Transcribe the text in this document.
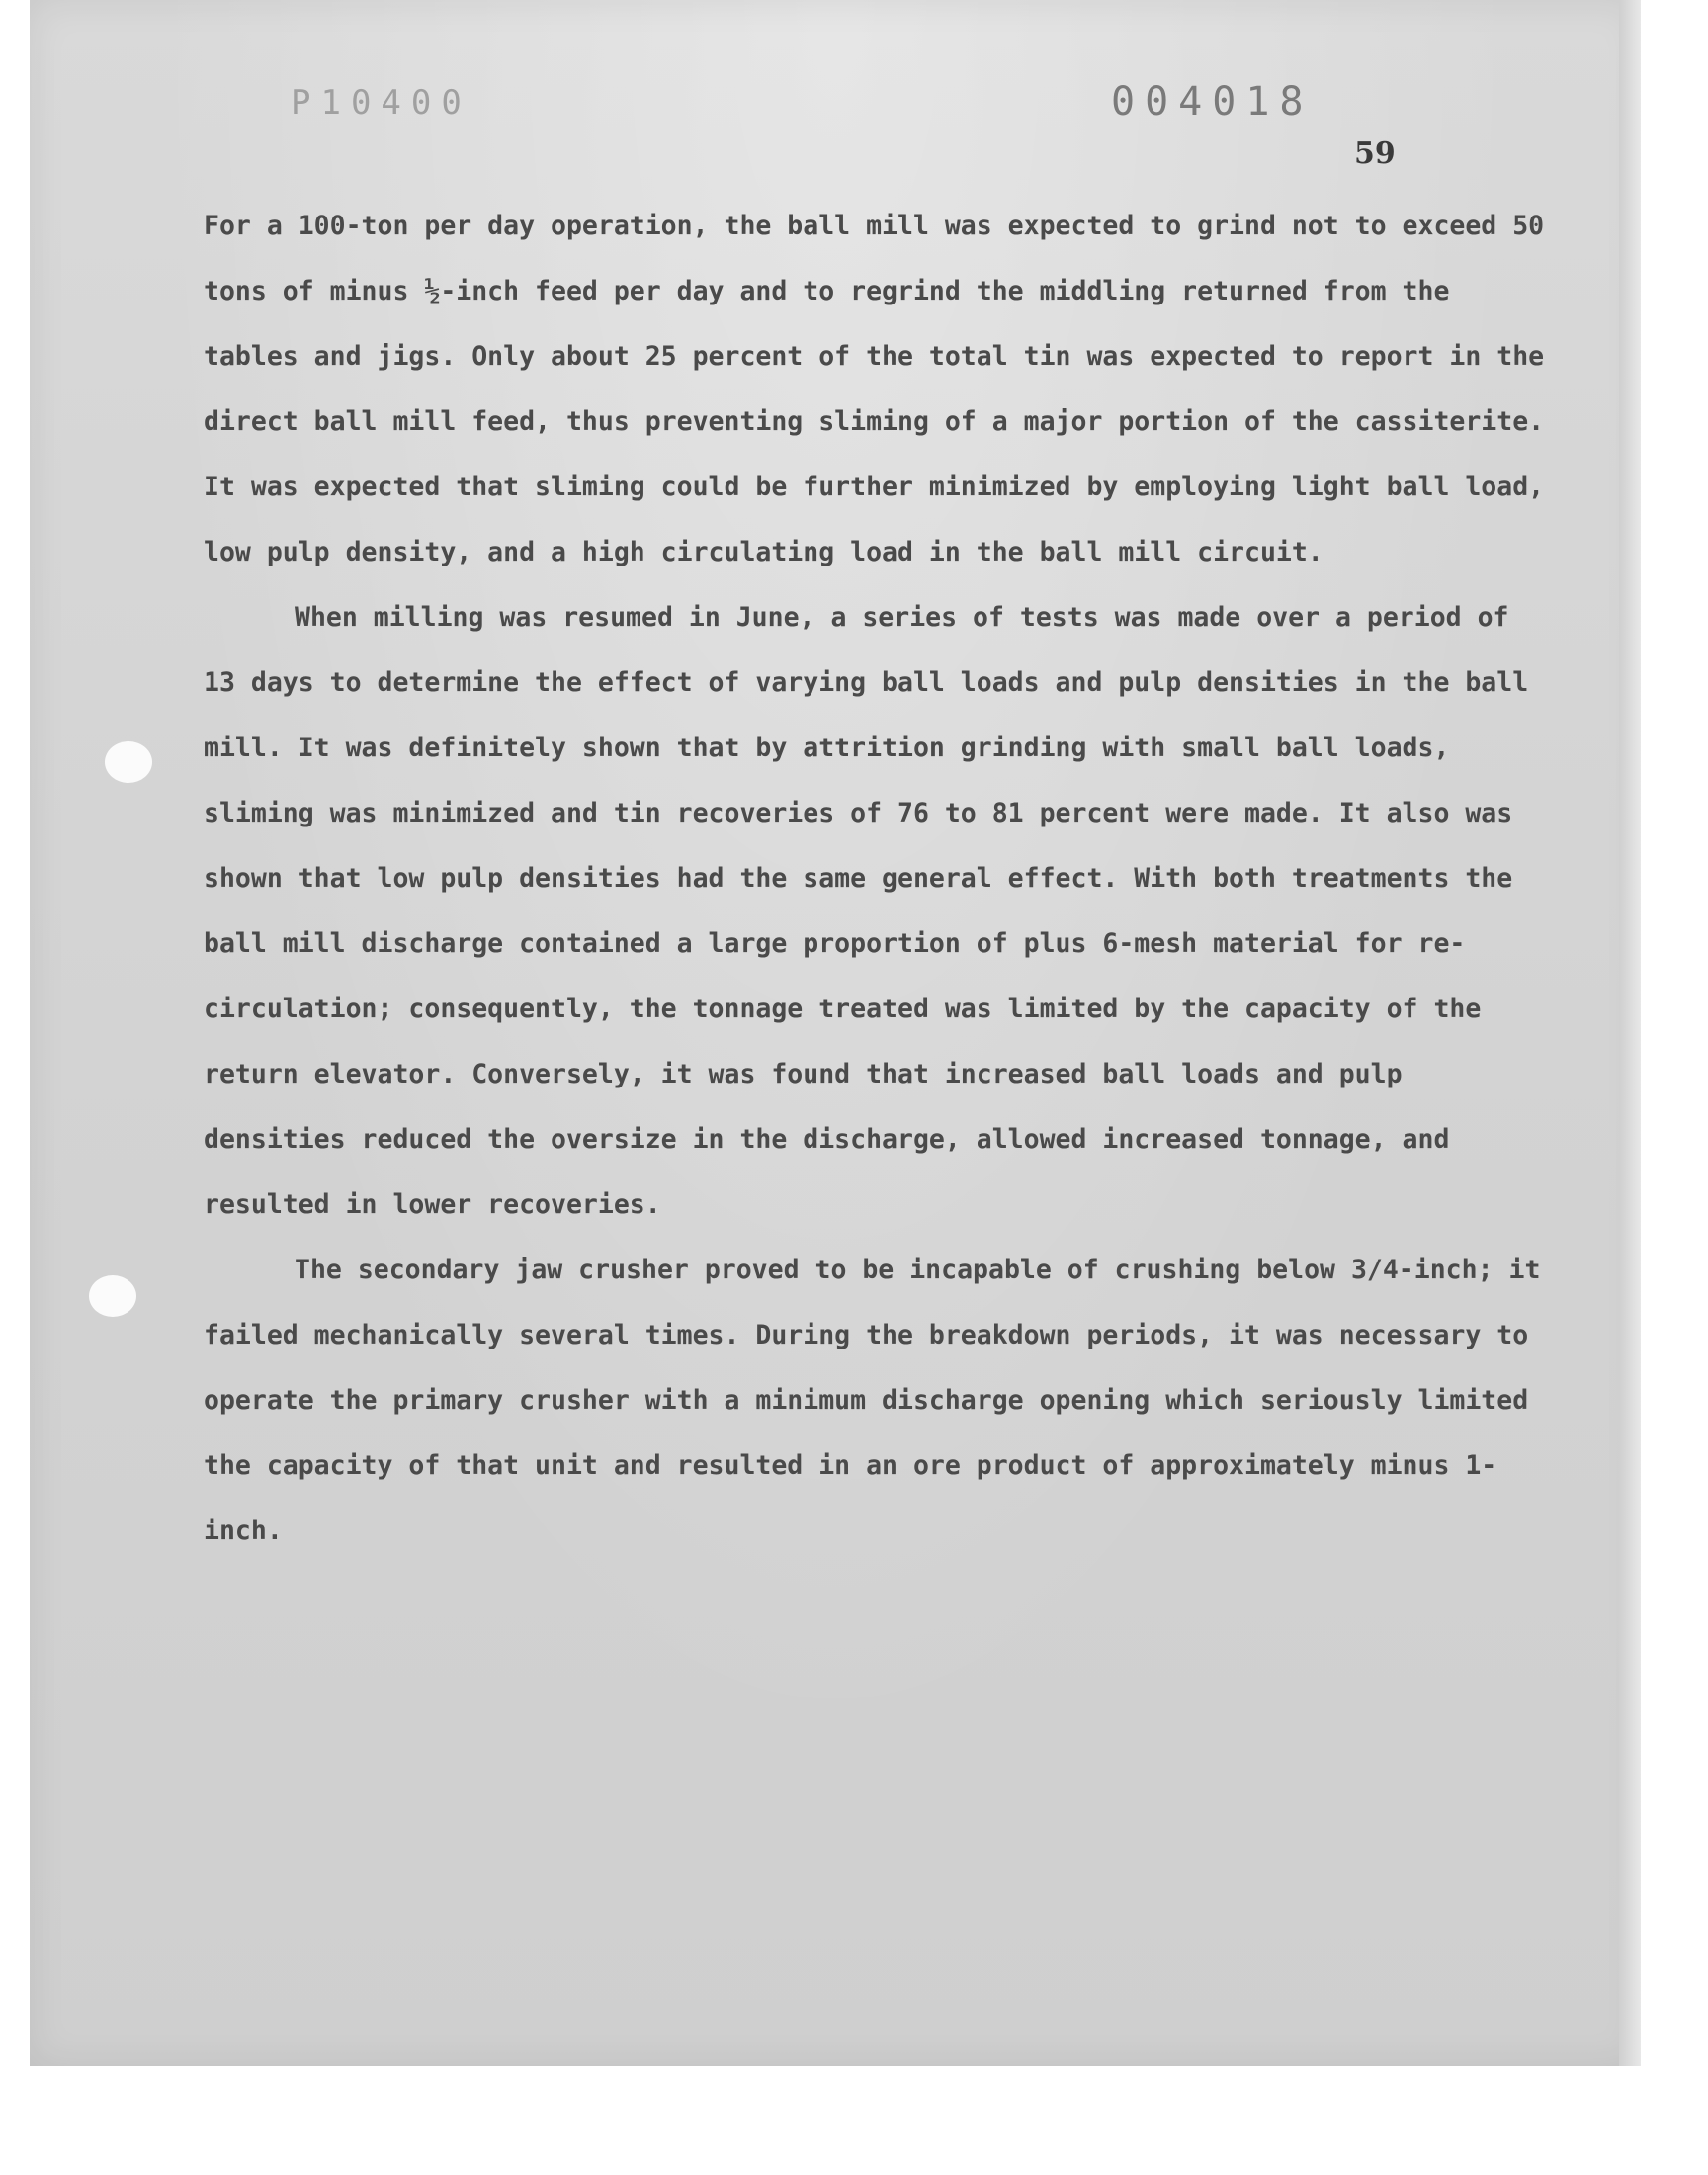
P10400	004018
59

For a 100-ton per day operation, the ball mill was expected to grind not to exceed 50 tons of minus ½-inch feed per day and to regrind the middling returned from the tables and jigs. Only about 25 percent of the total tin was expected to report in the direct ball mill feed, thus preventing sliming of a major portion of the cassiterite. It was expected that sliming could be further minimized by employing light ball load, low pulp density, and a high circulating load in the ball mill circuit.

When milling was resumed in June, a series of tests was made over a period of 13 days to determine the effect of varying ball loads and pulp densities in the ball mill. It was definitely shown that by attrition grinding with small ball loads, sliming was minimized and tin recoveries of 76 to 81 percent were made. It also was shown that low pulp densities had the same general effect. With both treatments the ball mill discharge contained a large proportion of plus 6-mesh material for re-circulation; consequently, the tonnage treated was limited by the capacity of the return elevator. Conversely, it was found that increased ball loads and pulp densities reduced the oversize in the discharge, allowed increased tonnage, and resulted in lower recoveries.

The secondary jaw crusher proved to be incapable of crushing below 3/4-inch; it failed mechanically several times. During the breakdown periods, it was necessary to operate the primary crusher with a minimum discharge opening which seriously limited the capacity of that unit and resulted in an ore product of approximately minus 1-inch.
